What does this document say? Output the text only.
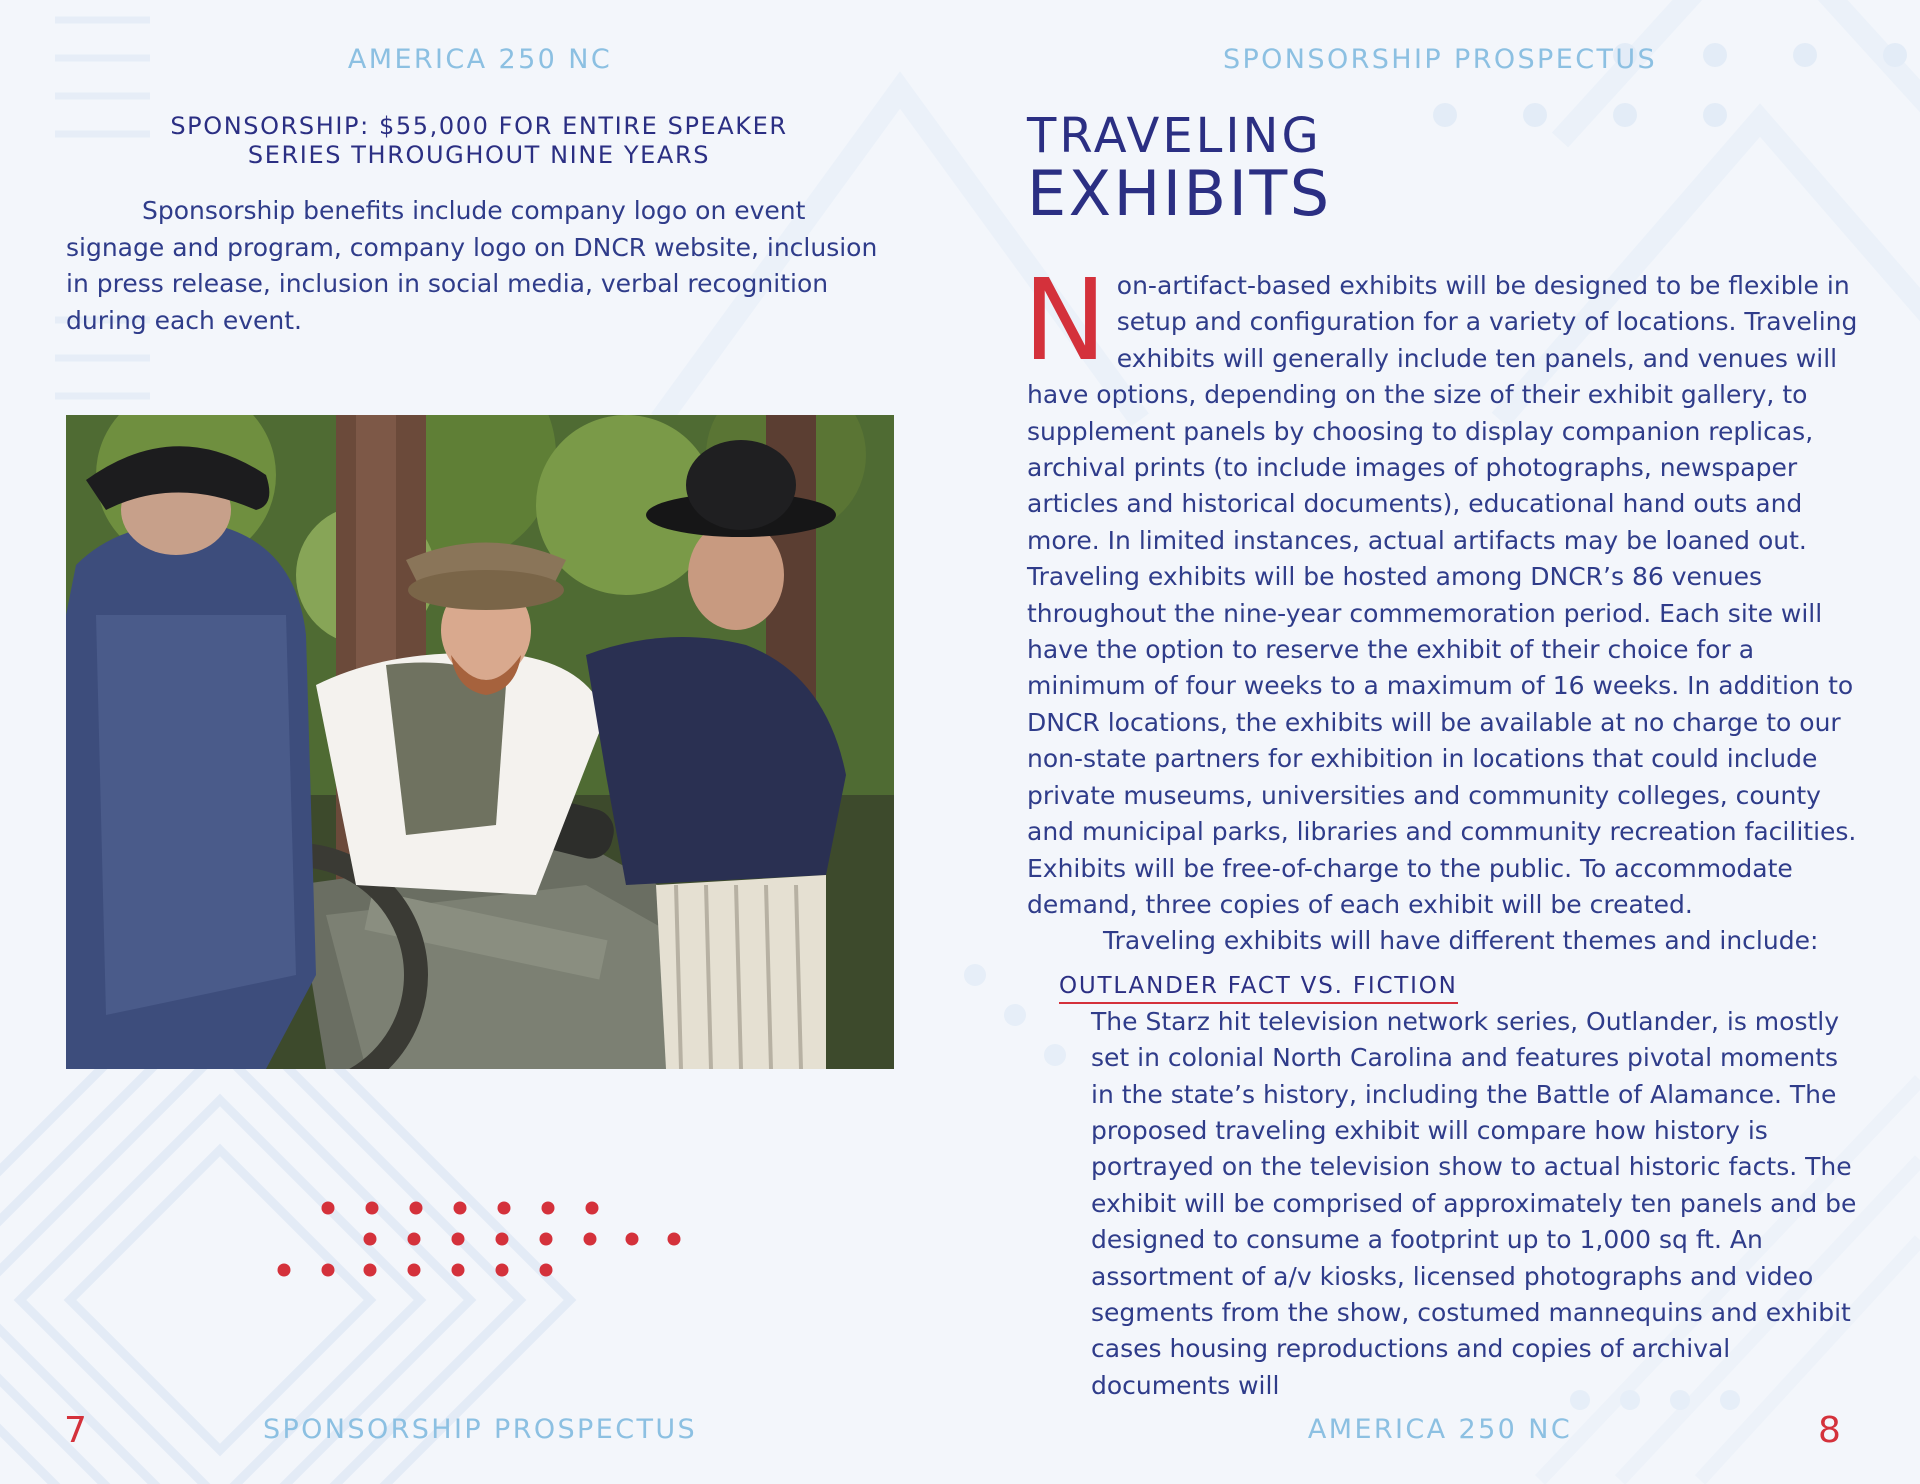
AMERICA 250 NC
SPONSORSHIP: $55,000 FOR ENTIRE SPEAKER
SERIES THROUGHOUT NINE YEARS

Sponsorship benefits include company logo on event signage and program, company logo on DNCR website, inclusion in press release, inclusion in social media, verbal recognition during each event.

7	SPONSORSHIP PROSPECTUS
SPONSORSHIP PROSPECTUS
TRAVELING
EXHIBITS
N on-artifact-based exhibits will be designed to be flexible in setup and configuration for a variety of locations. Traveling exhibits will generally include ten panels, and venues will have options, depending on the size of their exhibit gallery, to supplement panels by choosing to display companion replicas, archival prints (to include images of photographs, newspaper articles and historical documents), educational hand outs and more. In limited instances, actual artifacts may be loaned out. Traveling exhibits will be hosted among DNCR’s 86 venues throughout the nine-year commemoration period. Each site will have the option to reserve the exhibit of their choice for a minimum of four weeks to a maximum of 16 weeks. In addition to DNCR locations, the exhibits will be available at no charge to our non-state partners for exhibition in locations that could include private museums, universities and community colleges, county and municipal parks, libraries and community recreation facilities. Exhibits will be free-of-charge to the public. To accommodate demand, three copies of each exhibit will be created.

Traveling exhibits will have different themes and include:

OUTLANDER FACT VS. FICTION

The Starz hit television network series, Outlander, is mostly set in colonial North Carolina and features pivotal moments in the state’s history, including the Battle of Alamance. The proposed traveling exhibit will compare how history is portrayed on the television show to actual historic facts. The exhibit will be comprised of approximately ten panels and be designed to consume a footprint up to 1,000 sq ft. An assortment of a/v kiosks, licensed photographs and video segments from the show, costumed mannequins and exhibit cases housing reproductions and copies of archival documents will

AMERICA 250 NC	8
